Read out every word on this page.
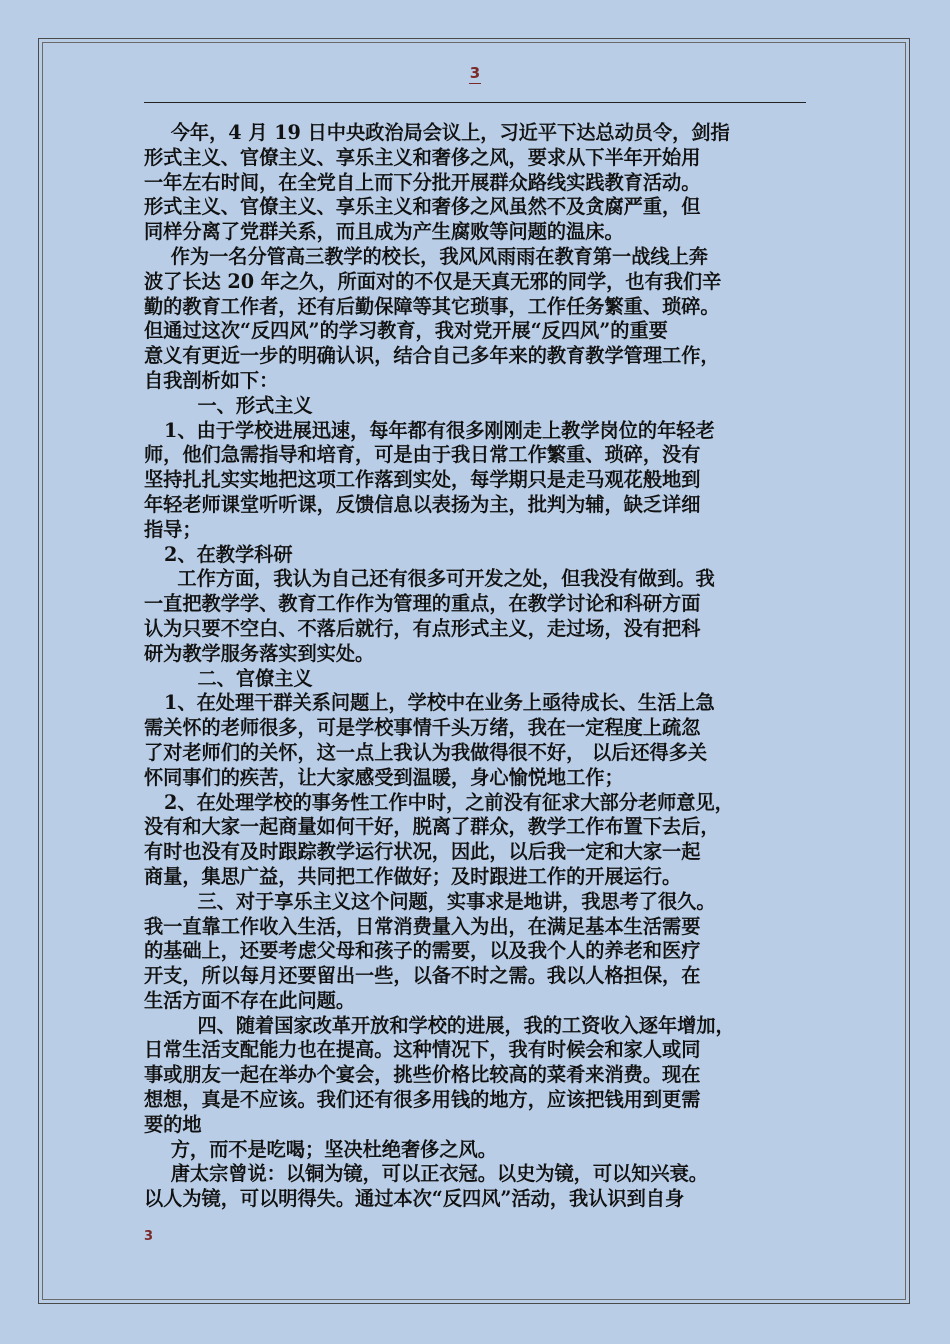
3

今年，4 月 19 日中央政治局会议上，习近平下达总动员令，剑指

形式主义、官僚主义、享乐主义和奢侈之风，要求从下半年开始用

一年左右时间，在全党自上而下分批开展群众路线实践教育活动。

形式主义、官僚主义、享乐主义和奢侈之风虽然不及贪腐严重，但

同样分离了党群关系，而且成为产生腐败等问题的温床。

作为一名分管高三教学的校长，我风风雨雨在教育第一战线上奔

波了长达 20 年之久，所面对的不仅是天真无邪的同学，也有我们辛

勤的教育工作者，还有后勤保障等其它琐事，工作任务繁重、琐碎。

但通过这次“反四风”的学习教育，我对党开展“反四风”的重要

意义有更近一步的明确认识，结合自己多年来的教育教学管理工作，

自我剖析如下：

一、形式主义

1、由于学校进展迅速，每年都有很多刚刚走上教学岗位的年轻老

师，他们急需指导和培育，可是由于我日常工作繁重、琐碎，没有

坚持扎扎实实地把这项工作落到实处，每学期只是走马观花般地到

年轻老师课堂听听课，反馈信息以表扬为主，批判为辅，缺乏详细

指导；

2、在教学科研

工作方面，我认为自己还有很多可开发之处，但我没有做到。我

一直把教学学、教育工作作为管理的重点，在教学讨论和科研方面

认为只要不空白、不落后就行，有点形式主义，走过场，没有把科

研为教学服务落实到实处。

二、官僚主义

1、在处理干群关系问题上，学校中在业务上亟待成长、生活上急

需关怀的老师很多，可是学校事情千头万绪，我在一定程度上疏忽

了对老师们的关怀，这一点上我认为我做得很不好， 以后还得多关

怀同事们的疾苦，让大家感受到温暖，身心愉悦地工作；

2、在处理学校的事务性工作中时，之前没有征求大部分老师意见，

没有和大家一起商量如何干好，脱离了群众，教学工作布置下去后，

有时也没有及时跟踪教学运行状况，因此，以后我一定和大家一起

商量，集思广益，共同把工作做好；及时跟进工作的开展运行。

三、对于享乐主义这个问题，实事求是地讲，我思考了很久。

我一直靠工作收入生活，日常消费量入为出，在满足基本生活需要

的基础上，还要考虑父母和孩子的需要，以及我个人的养老和医疗

开支，所以每月还要留出一些，以备不时之需。我以人格担保，在

生活方面不存在此问题。

四、随着国家改革开放和学校的进展，我的工资收入逐年增加，

日常生活支配能力也在提高。这种情况下，我有时候会和家人或同

事或朋友一起在举办个宴会，挑些价格比较高的菜肴来消费。现在

想想，真是不应该。我们还有很多用钱的地方，应该把钱用到更需

要的地

方，而不是吃喝；坚决杜绝奢侈之风。

唐太宗曾说：以铜为镜，可以正衣冠。以史为镜，可以知兴衰。

以人为镜，可以明得失。通过本次“反四风”活动，我认识到自身

3
